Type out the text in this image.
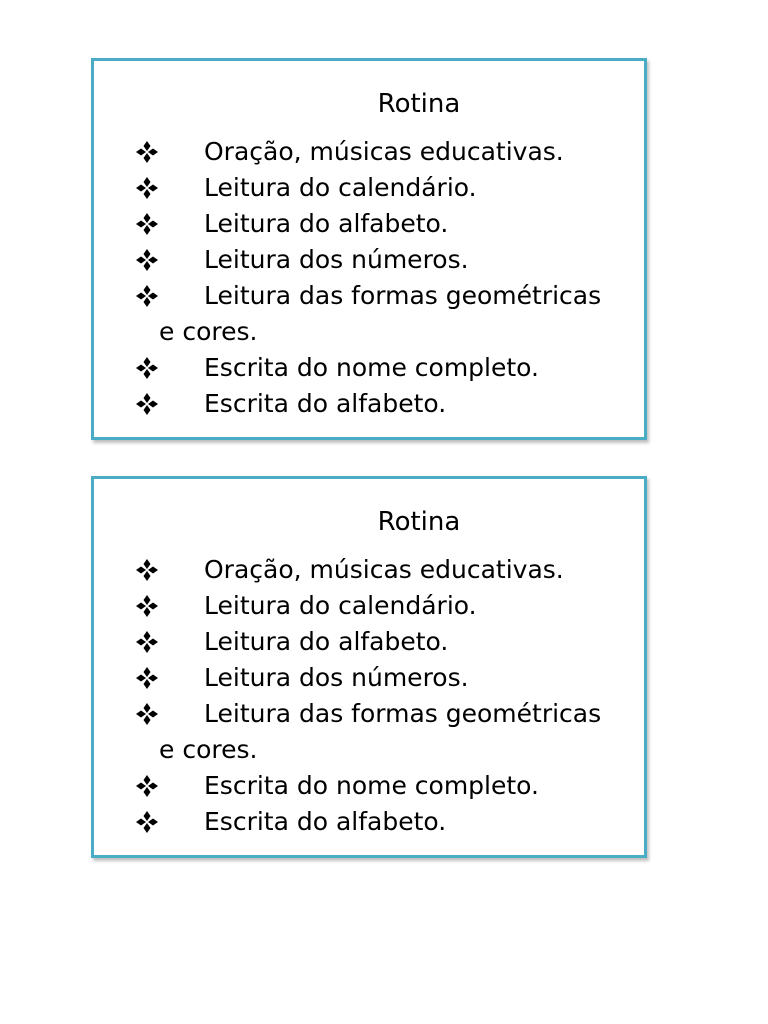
Rotina
Oração, músicas educativas.
Leitura do calendário.
Leitura do alfabeto.
Leitura dos números.
Leitura das formas geométricas
e cores.
Escrita do nome completo.
Escrita do alfabeto.
Rotina
Oração, músicas educativas.
Leitura do calendário.
Leitura do alfabeto.
Leitura dos números.
Leitura das formas geométricas
e cores.
Escrita do nome completo.
Escrita do alfabeto.
